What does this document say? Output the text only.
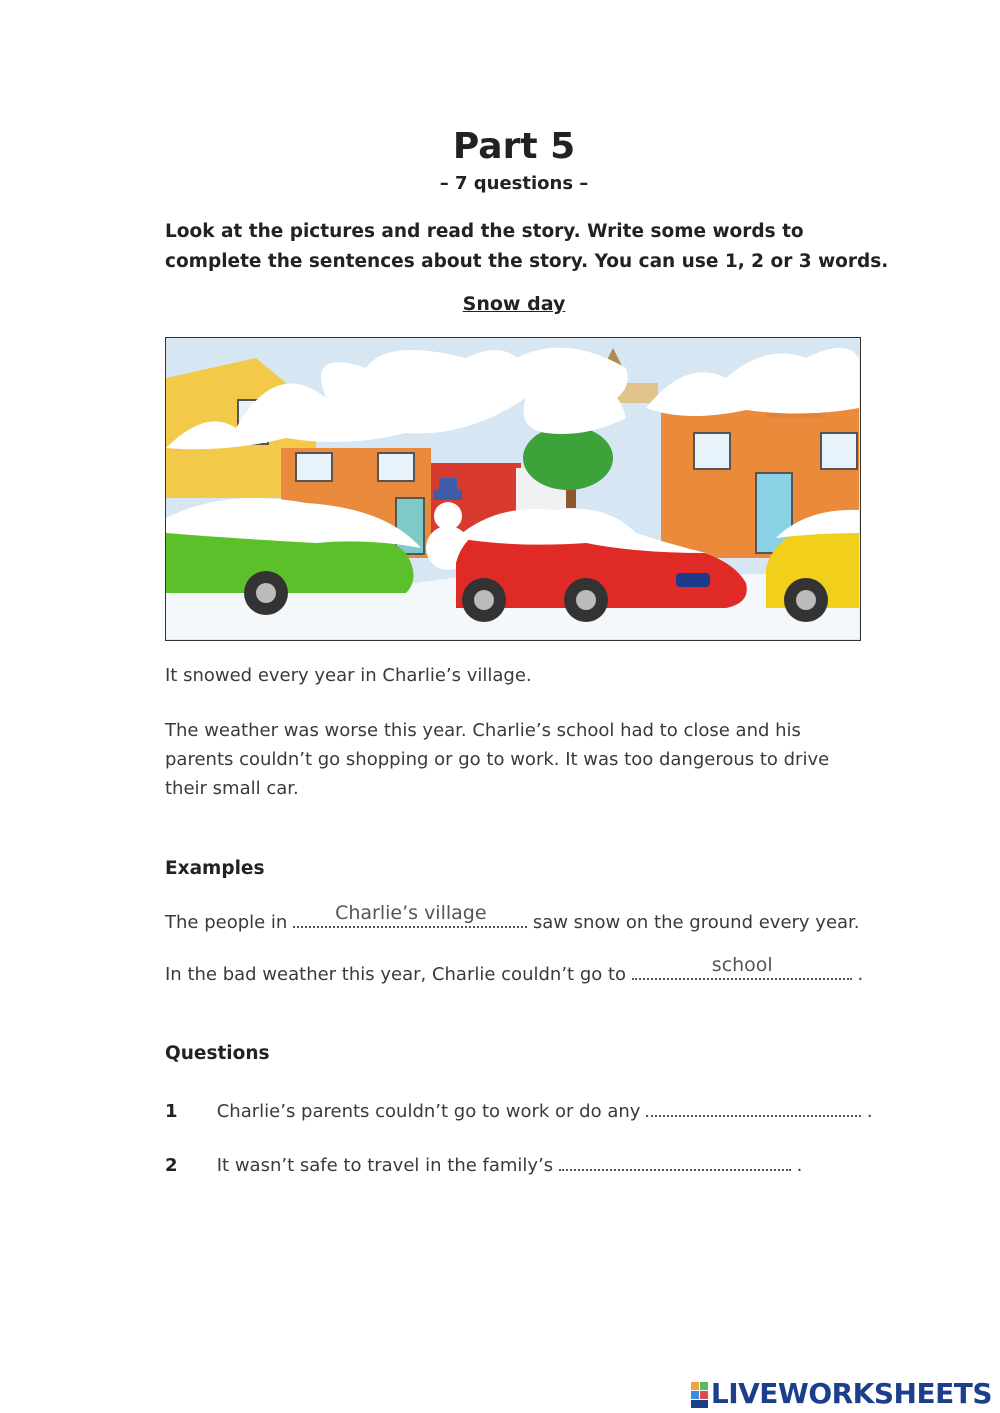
Part 5
– 7 questions –
Look at the pictures and read the story. Write some words to
complete the sentences about the story. You can use 1, 2 or 3 words.
Snow day
It snowed every year in Charlie’s village.
The weather was worse this year. Charlie’s school had to close and his
parents couldn’t go shopping or go to work. It was too dangerous to drive
their small car.
Examples
The people in	Charlie’s village	saw snow on the ground every year.
In the bad weather this year, Charlie couldn’t go to	school	.
Questions
1 Charlie’s parents couldn’t go to work or do any	.
2 It wasn’t safe to travel in the family’s	.
LIVEWORKSHEETS
